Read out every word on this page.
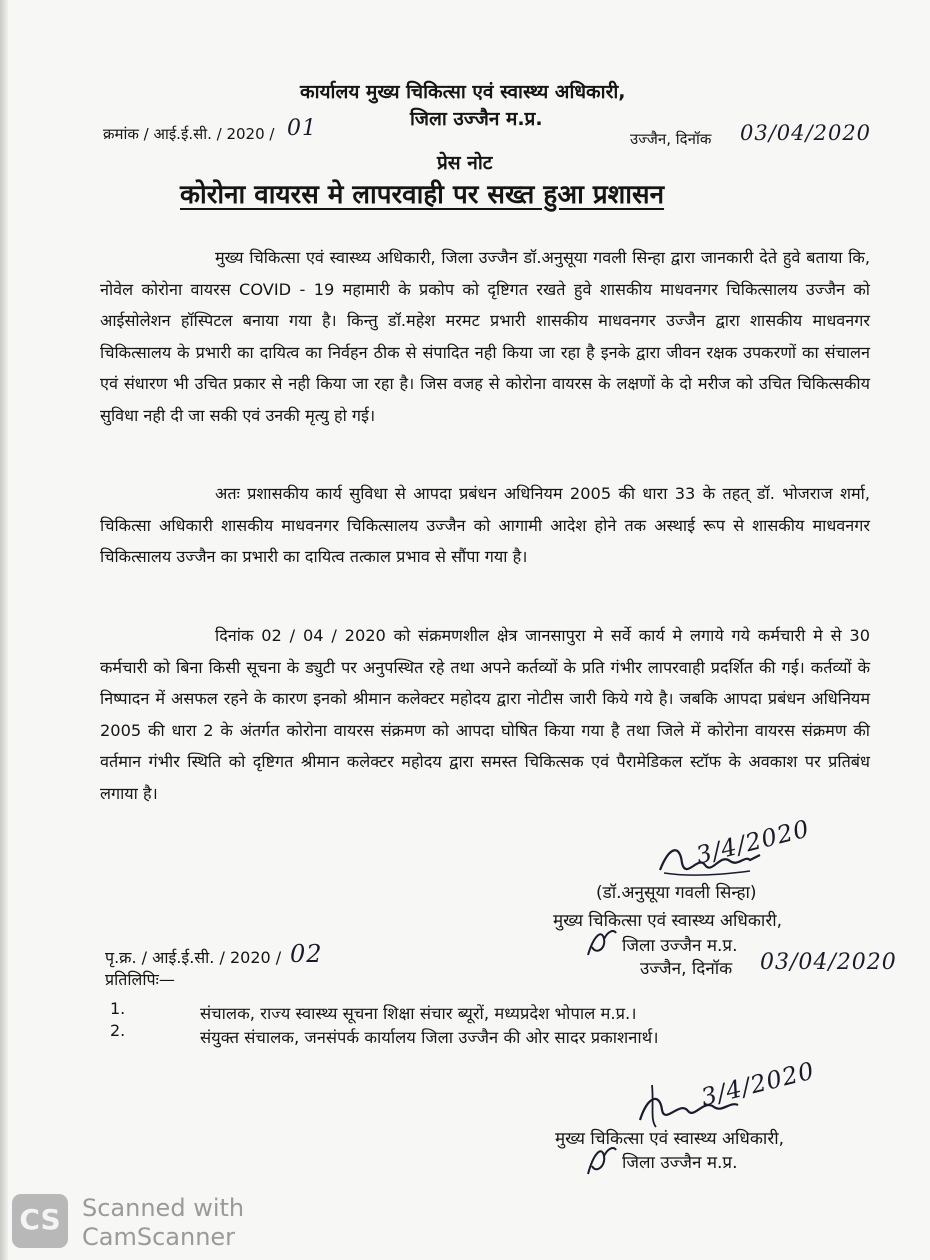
कार्यालय मुख्य चिकित्सा एवं स्वास्थ्य अधिकारी,
जिला उज्जैन म.प्र.
क्रमांक / आई.ई.सी. / 2020 / 01	उज्जैन, दिनॉक 03/04/2020
प्रेस नोट
कोरोना वायरस मे लापरवाही पर सख्त हुआ प्रशासन
मुख्य चिकित्सा एवं स्वास्थ्य अधिकारी, जिला उज्जैन डॉ.अनुसूया गवली सिन्हा द्वारा जानकारी देते हुवे बताया कि, नोवेल कोरोना वायरस COVID - 19 महामारी के प्रकोप को दृष्टिगत रखते हुवे शासकीय माधवनगर चिकित्सालय उज्जैन को आईसोलेशन हॉस्पिटल बनाया गया है। किन्तु डॉ.महेश मरमट प्रभारी शासकीय माधवनगर उज्जैन द्वारा शासकीय माधवनगर चिकित्सालय के प्रभारी का दायित्व का निर्वहन ठीक से संपादित नही किया जा रहा है इनके द्वारा जीवन रक्षक उपकरणों का संचालन एवं संधारण भी उचित प्रकार से नही किया जा रहा है। जिस वजह से कोरोना वायरस के लक्षणों के दो मरीज को उचित चिकित्सकीय सुविधा नही दी जा सकी एवं उनकी मृत्यु हो गई।
अतः प्रशासकीय कार्य सुविधा से आपदा प्रबंधन अधिनियम 2005 की धारा 33 के तहत् डॉ. भोजराज शर्मा, चिकित्सा अधिकारी शासकीय माधवनगर चिकित्सालय उज्जैन को आगामी आदेश होने तक अस्थाई रूप से शासकीय माधवनगर चिकित्सालय उज्जैन का प्रभारी का दायित्व तत्काल प्रभाव से सौंपा गया है।
दिनांक 02 / 04 / 2020 को संक्रमणशील क्षेत्र जानसापुरा मे सर्वे कार्य मे लगाये गये कर्मचारी मे से 30 कर्मचारी को बिना किसी सूचना के ड्युटी पर अनुपस्थित रहे तथा अपने कर्तव्यों के प्रति गंभीर लापरवाही प्रदर्शित की गई। कर्तव्यों के निष्पादन में असफल रहने के कारण इनको श्रीमान कलेक्टर महोदय द्वारा नोटीस जारी किये गये है। जबकि आपदा प्रबंधन अधिनियम 2005 की धारा 2 के अंतर्गत कोरोना वायरस संक्रमण को आपदा घोषित किया गया है तथा जिले में कोरोना वायरस संक्रमण की वर्तमान गंभीर स्थिति को दृष्टिगत श्रीमान कलेक्टर महोदय द्वारा समस्त चिकित्सक एवं पैरामेडिकल स्टॉफ के अवकाश पर प्रतिबंध लगाया है।
3/4/2020
(डॉ.अनुसूया गवली सिन्हा)
मुख्य चिकित्सा एवं स्वास्थ्य अधिकारी,
जिला उज्जैन म.प्र.
उज्जैन, दिनॉक 03/04/2020
पृ.क्र. / आई.ई.सी. / 2020 / 02
प्रतिलिपिः—
1.	संचालक, राज्य स्वास्थ्य सूचना शिक्षा संचार ब्यूरों, मध्यप्रदेश भोपाल म.प्र.।
2.	संयुक्त संचालक, जनसंपर्क कार्यालय जिला उज्जैन की ओर सादर प्रकाशनार्थ।
3/4/2020
मुख्य चिकित्सा एवं स्वास्थ्य अधिकारी,
जिला उज्जैन म.प्र.
CS Scanned with
CamScanner
